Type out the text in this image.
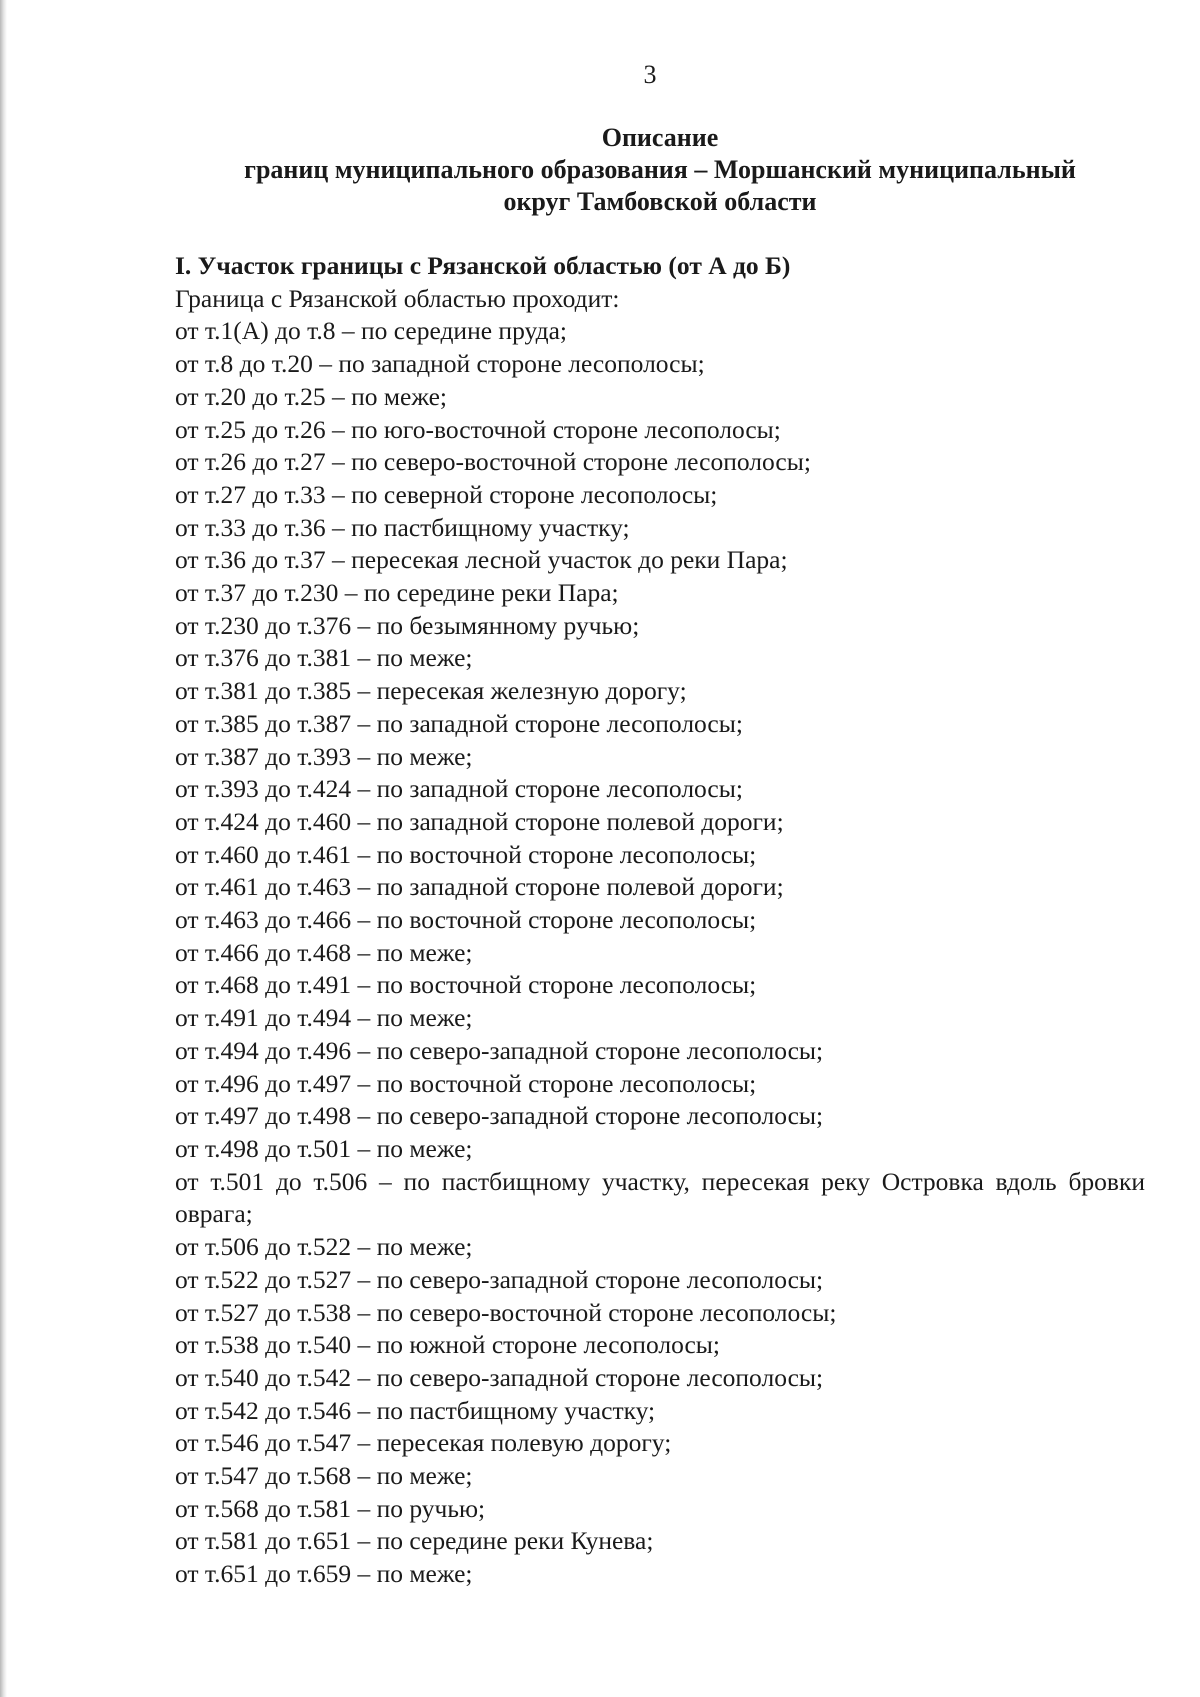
3
Описание
границ муниципального образования – Моршанский муниципальный
округ Тамбовской области
I. Участок границы с Рязанской областью (от А до Б)
Граница с Рязанской областью проходит:
от т.1(А) до т.8 – по середине пруда;
от т.8 до т.20 – по западной стороне лесополосы;
от т.20 до т.25 – по меже;
от т.25 до т.26 – по юго-восточной стороне лесополосы;
от т.26 до т.27 – по северо-восточной стороне лесополосы;
от т.27 до т.33 – по северной стороне лесополосы;
от т.33 до т.36 – по пастбищному участку;
от т.36 до т.37 – пересекая лесной участок до реки Пара;
от т.37 до т.230 – по середине реки Пара;
от т.230 до т.376 – по безымянному ручью;
от т.376 до т.381 – по меже;
от т.381 до т.385 – пересекая железную дорогу;
от т.385 до т.387 – по западной стороне лесополосы;
от т.387 до т.393 – по меже;
от т.393 до т.424 – по западной стороне лесополосы;
от т.424 до т.460 – по западной стороне полевой дороги;
от т.460 до т.461 – по восточной стороне лесополосы;
от т.461 до т.463 – по западной стороне полевой дороги;
от т.463 до т.466 – по восточной стороне лесополосы;
от т.466 до т.468 – по меже;
от т.468 до т.491 – по восточной стороне лесополосы;
от т.491 до т.494 – по меже;
от т.494 до т.496 – по северо-западной стороне лесополосы;
от т.496 до т.497 – по восточной стороне лесополосы;
от т.497 до т.498 – по северо-западной стороне лесополосы;
от т.498 до т.501 – по меже;
от т.501 до т.506 – по пастбищному участку, пересекая реку Островка вдоль бровки оврага;
от т.506 до т.522 – по меже;
от т.522 до т.527 – по северо-западной стороне лесополосы;
от т.527 до т.538 – по северо-восточной стороне лесополосы;
от т.538 до т.540 – по южной стороне лесополосы;
от т.540 до т.542 – по северо-западной стороне лесополосы;
от т.542 до т.546 – по пастбищному участку;
от т.546 до т.547 – пересекая полевую дорогу;
от т.547 до т.568 – по меже;
от т.568 до т.581 – по ручью;
от т.581 до т.651 – по середине реки Кунева;
от т.651 до т.659 – по меже;
